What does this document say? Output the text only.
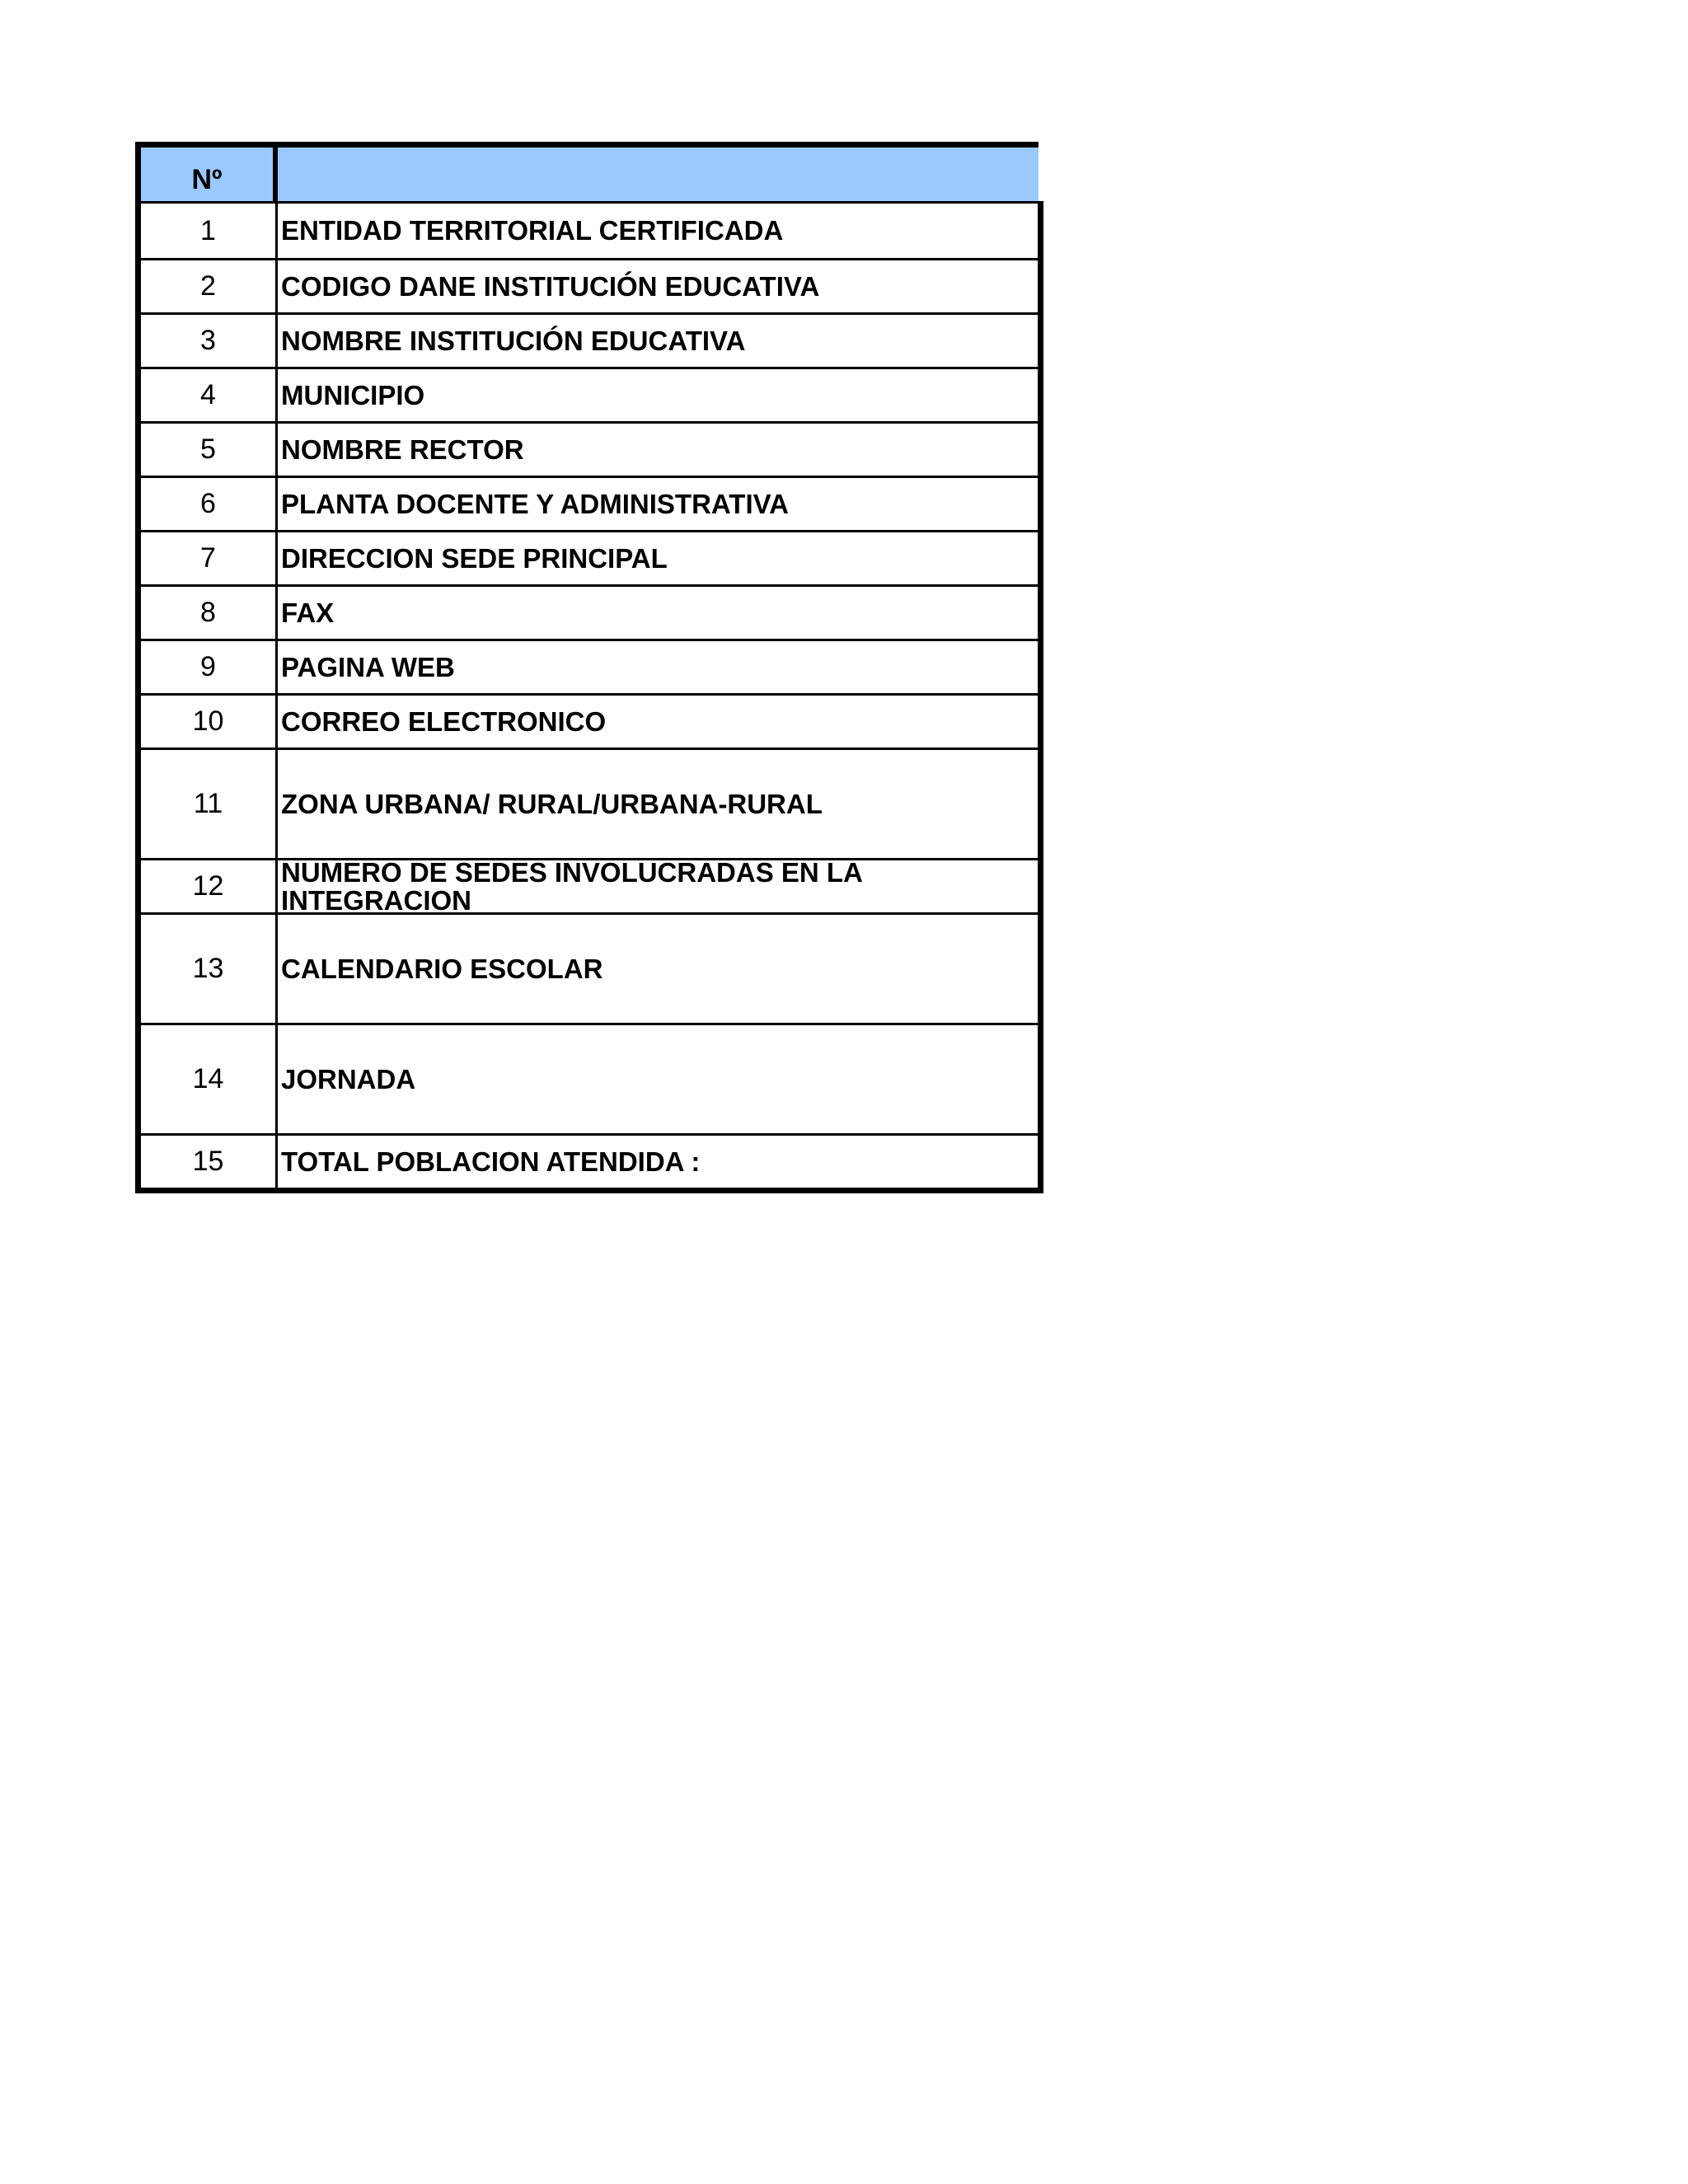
Nº
1	ENTIDAD TERRITORIAL CERTIFICADA
2	CODIGO DANE INSTITUCIÓN EDUCATIVA
3	NOMBRE INSTITUCIÓN EDUCATIVA
4	MUNICIPIO
5	NOMBRE RECTOR
6	PLANTA DOCENTE Y ADMINISTRATIVA
7	DIRECCION SEDE PRINCIPAL
8	FAX
9	PAGINA WEB
10	CORREO ELECTRONICO
11	ZONA URBANA/ RURAL/URBANA-RURAL
12	NUMERO DE SEDES INVOLUCRADAS EN LA INTEGRACION
13	CALENDARIO ESCOLAR
14	JORNADA
15	TOTAL POBLACION ATENDIDA :
